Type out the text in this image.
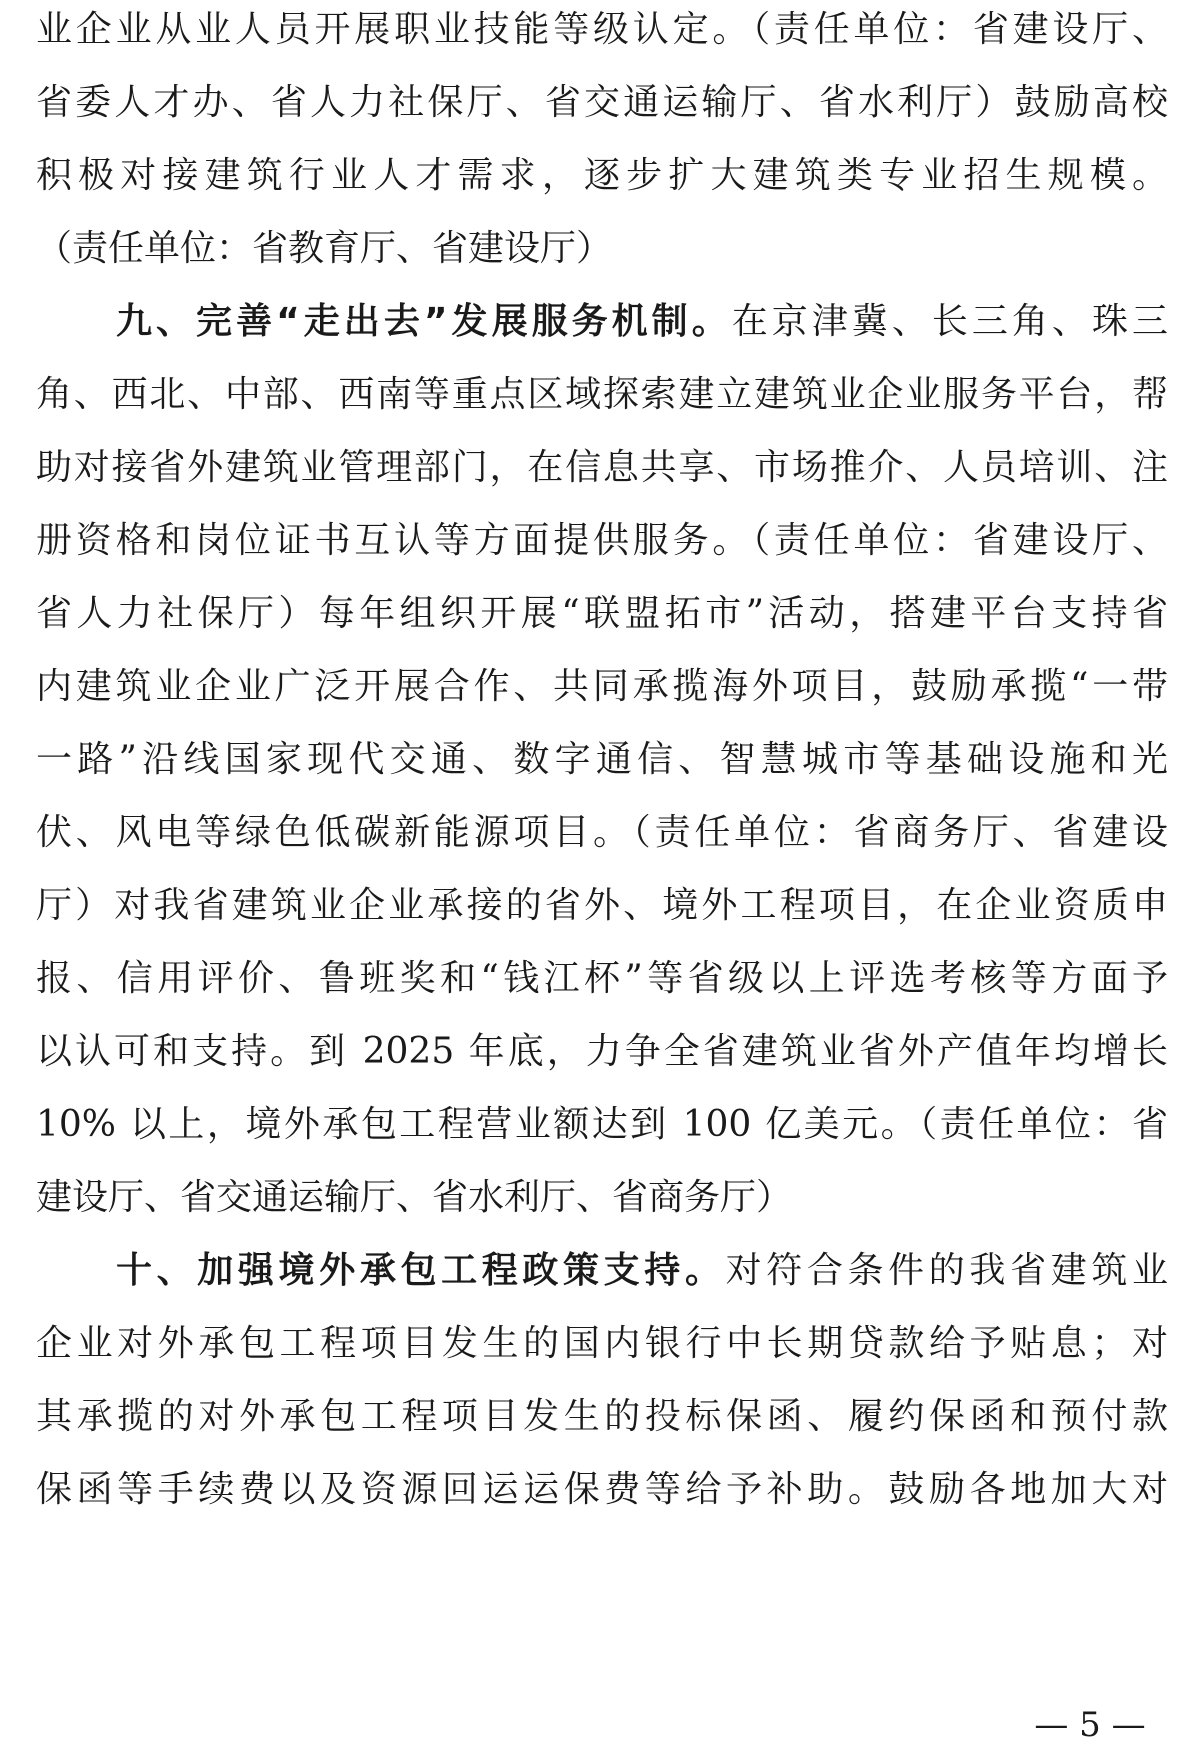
业企业从业人员开展职业技能等级认定。（责任单位：省建设厅、
省委人才办、省人力社保厅、省交通运输厅、省水利厅）鼓励高校
积极对接建筑行业人才需求，逐步扩大建筑类专业招生规模。
（责任单位：省教育厅、省建设厅）
九、完善“走出去”发展服务机制。在京津冀、长三角、珠三
角、西北、中部、西南等重点区域探索建立建筑业企业服务平台，帮
助对接省外建筑业管理部门，在信息共享、市场推介、人员培训、注
册资格和岗位证书互认等方面提供服务。（责任单位：省建设厅、
省人力社保厅）每年组织开展“联盟拓市”活动，搭建平台支持省
内建筑业企业广泛开展合作、共同承揽海外项目，鼓励承揽“一带
一路”沿线国家现代交通、数字通信、智慧城市等基础设施和光
伏、风电等绿色低碳新能源项目。（责任单位：省商务厅、省建设
厅）对我省建筑业企业承接的省外、境外工程项目，在企业资质申
报、信用评价、鲁班奖和“钱江杯”等省级以上评选考核等方面予
以认可和支持。到 2025 年底，力争全省建筑业省外产值年均增长
10% 以上，境外承包工程营业额达到 100 亿美元。（责任单位：省
建设厅、省交通运输厅、省水利厅、省商务厅）
十、加强境外承包工程政策支持。对符合条件的我省建筑业
企业对外承包工程项目发生的国内银行中长期贷款给予贴息；对
其承揽的对外承包工程项目发生的投标保函、履约保函和预付款
保函等手续费以及资源回运运保费等给予补助。鼓励各地加大对
— 5 —
